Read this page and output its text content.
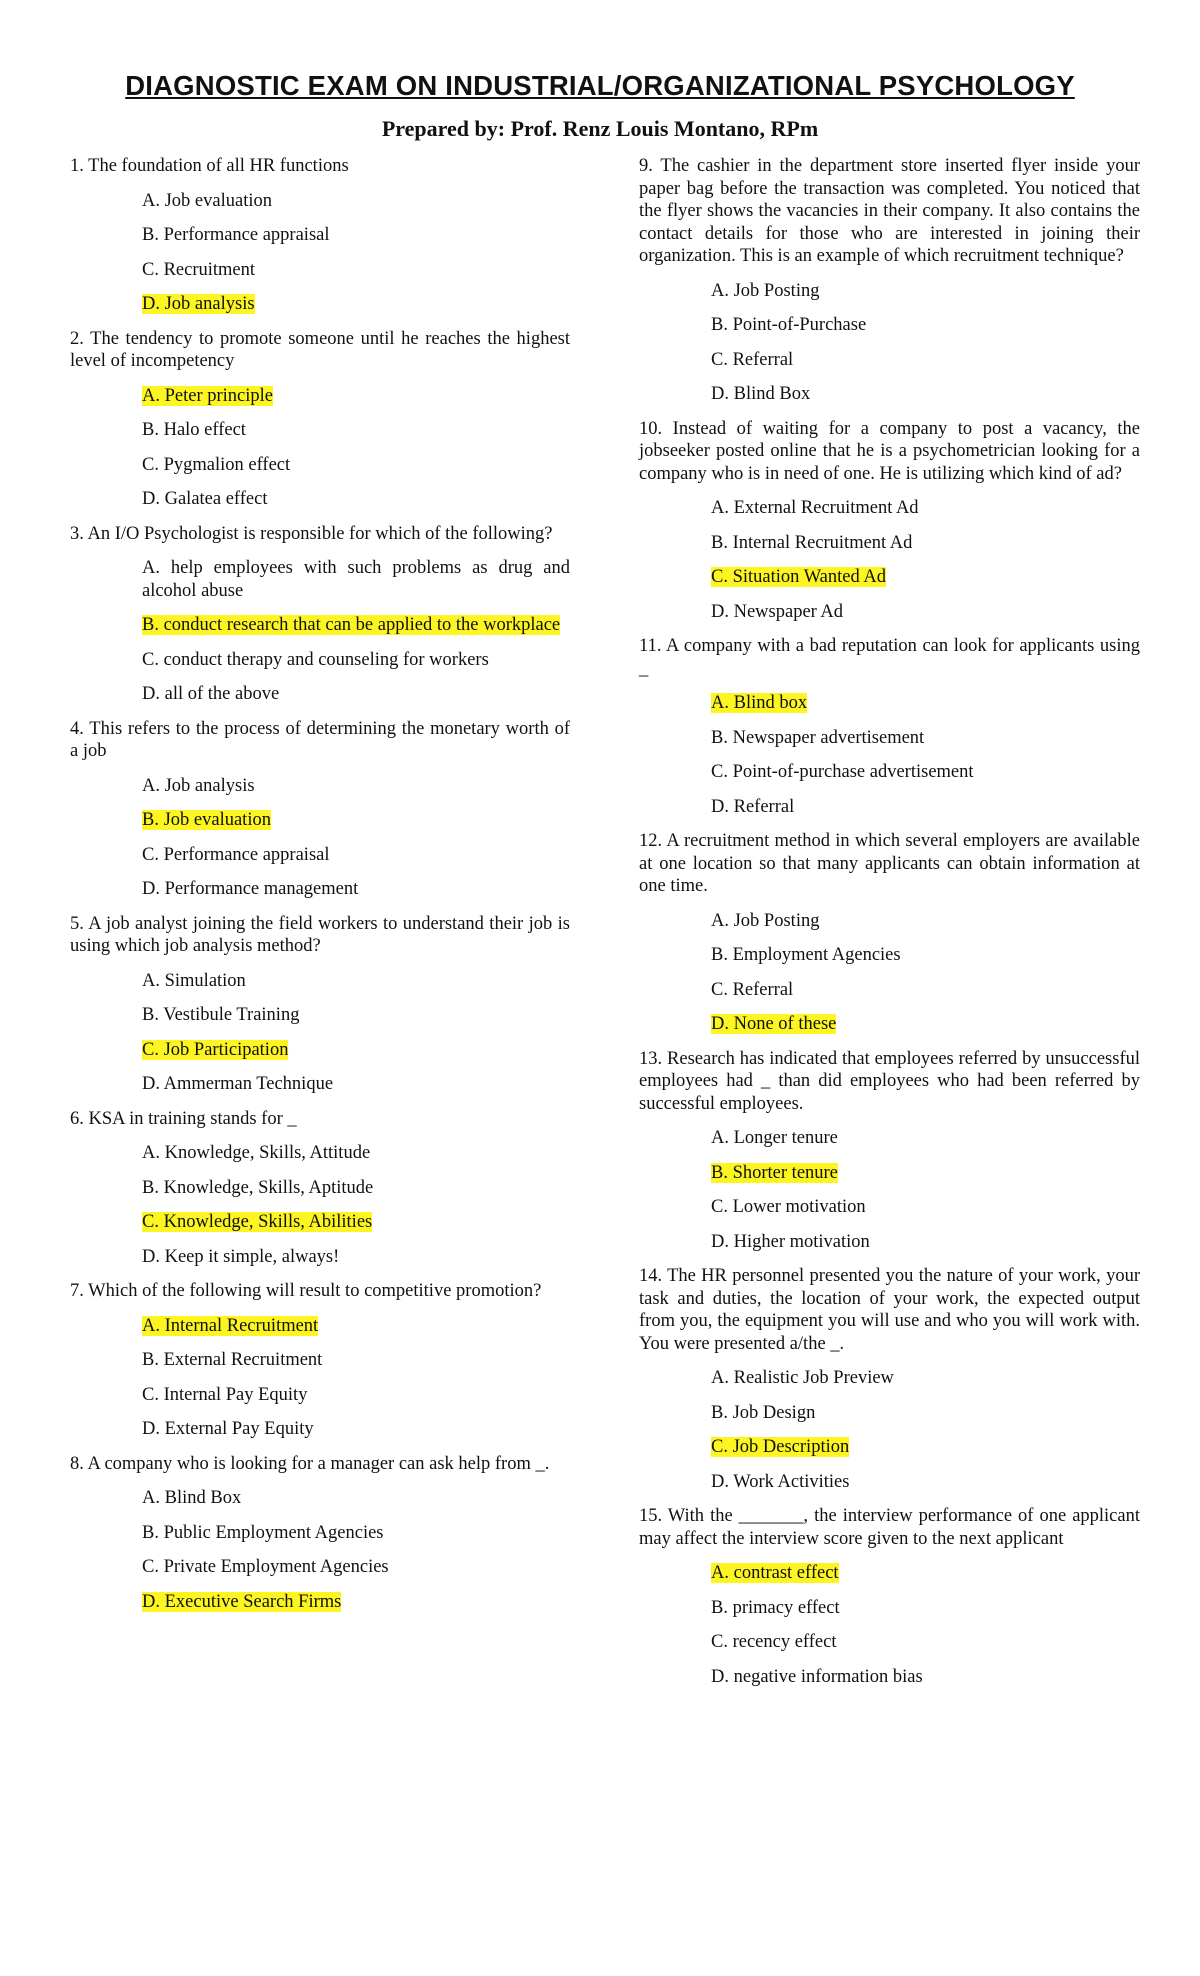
DIAGNOSTIC EXAM ON INDUSTRIAL/ORGANIZATIONAL PSYCHOLOGY
Prepared by: Prof. Renz Louis Montano, RPm

1. The foundation of all HR functions

A. Job evaluation
B. Performance appraisal
C. Recruitment
D. Job analysis

2. The tendency to promote someone until he reaches the highest level of incompetency

A. Peter principle
B. Halo effect
C. Pygmalion effect
D. Galatea effect

3. An I/O Psychologist is responsible for which of the following?

A. help employees with such problems as drug and alcohol abuse
B. conduct research that can be applied to the workplace
C. conduct therapy and counseling for workers
D. all of the above

4. This refers to the process of determining the monetary worth of a job

A. Job analysis
B. Job evaluation
C. Performance appraisal
D. Performance management

5. A job analyst joining the field workers to understand their job is using which job analysis method?

A. Simulation
B. Vestibule Training
C. Job Participation
D. Ammerman Technique

6. KSA in training stands for _

A. Knowledge, Skills, Attitude
B. Knowledge, Skills, Aptitude
C. Knowledge, Skills, Abilities
D. Keep it simple, always!

7. Which of the following will result to competitive promotion?

A. Internal Recruitment
B. External Recruitment
C. Internal Pay Equity
D. External Pay Equity

8. A company who is looking for a manager can ask help from _.

A. Blind Box
B. Public Employment Agencies
C. Private Employment Agencies
D. Executive Search Firms

9. The cashier in the department store inserted flyer inside your paper bag before the transaction was completed. You noticed that the flyer shows the vacancies in their company. It also contains the contact details for those who are interested in joining their organization. This is an example of which recruitment technique?

A. Job Posting
B. Point-of-Purchase
C. Referral
D. Blind Box

10. Instead of waiting for a company to post a vacancy, the jobseeker posted online that he is a psychometrician looking for a company who is in need of one. He is utilizing which kind of ad?

A. External Recruitment Ad
B. Internal Recruitment Ad
C. Situation Wanted Ad
D. Newspaper Ad

11. A company with a bad reputation can look for applicants using _

A. Blind box
B. Newspaper advertisement
C. Point-of-purchase advertisement
D. Referral

12. A recruitment method in which several employers are available at one location so that many applicants can obtain information at one time.

A. Job Posting
B. Employment Agencies
C. Referral
D. None of these

13. Research has indicated that employees referred by unsuccessful employees had _ than did employees who had been referred by successful employees.

A. Longer tenure
B. Shorter tenure
C. Lower motivation
D. Higher motivation

14. The HR personnel presented you the nature of your work, your task and duties, the location of your work, the expected output from you, the equipment you will use and who you will work with. You were presented a/the _.

A. Realistic Job Preview
B. Job Design
C. Job Description
D. Work Activities

15. With the _______, the interview performance of one applicant may affect the interview score given to the next applicant

A. contrast effect
B. primacy effect
C. recency effect
D. negative information bias
